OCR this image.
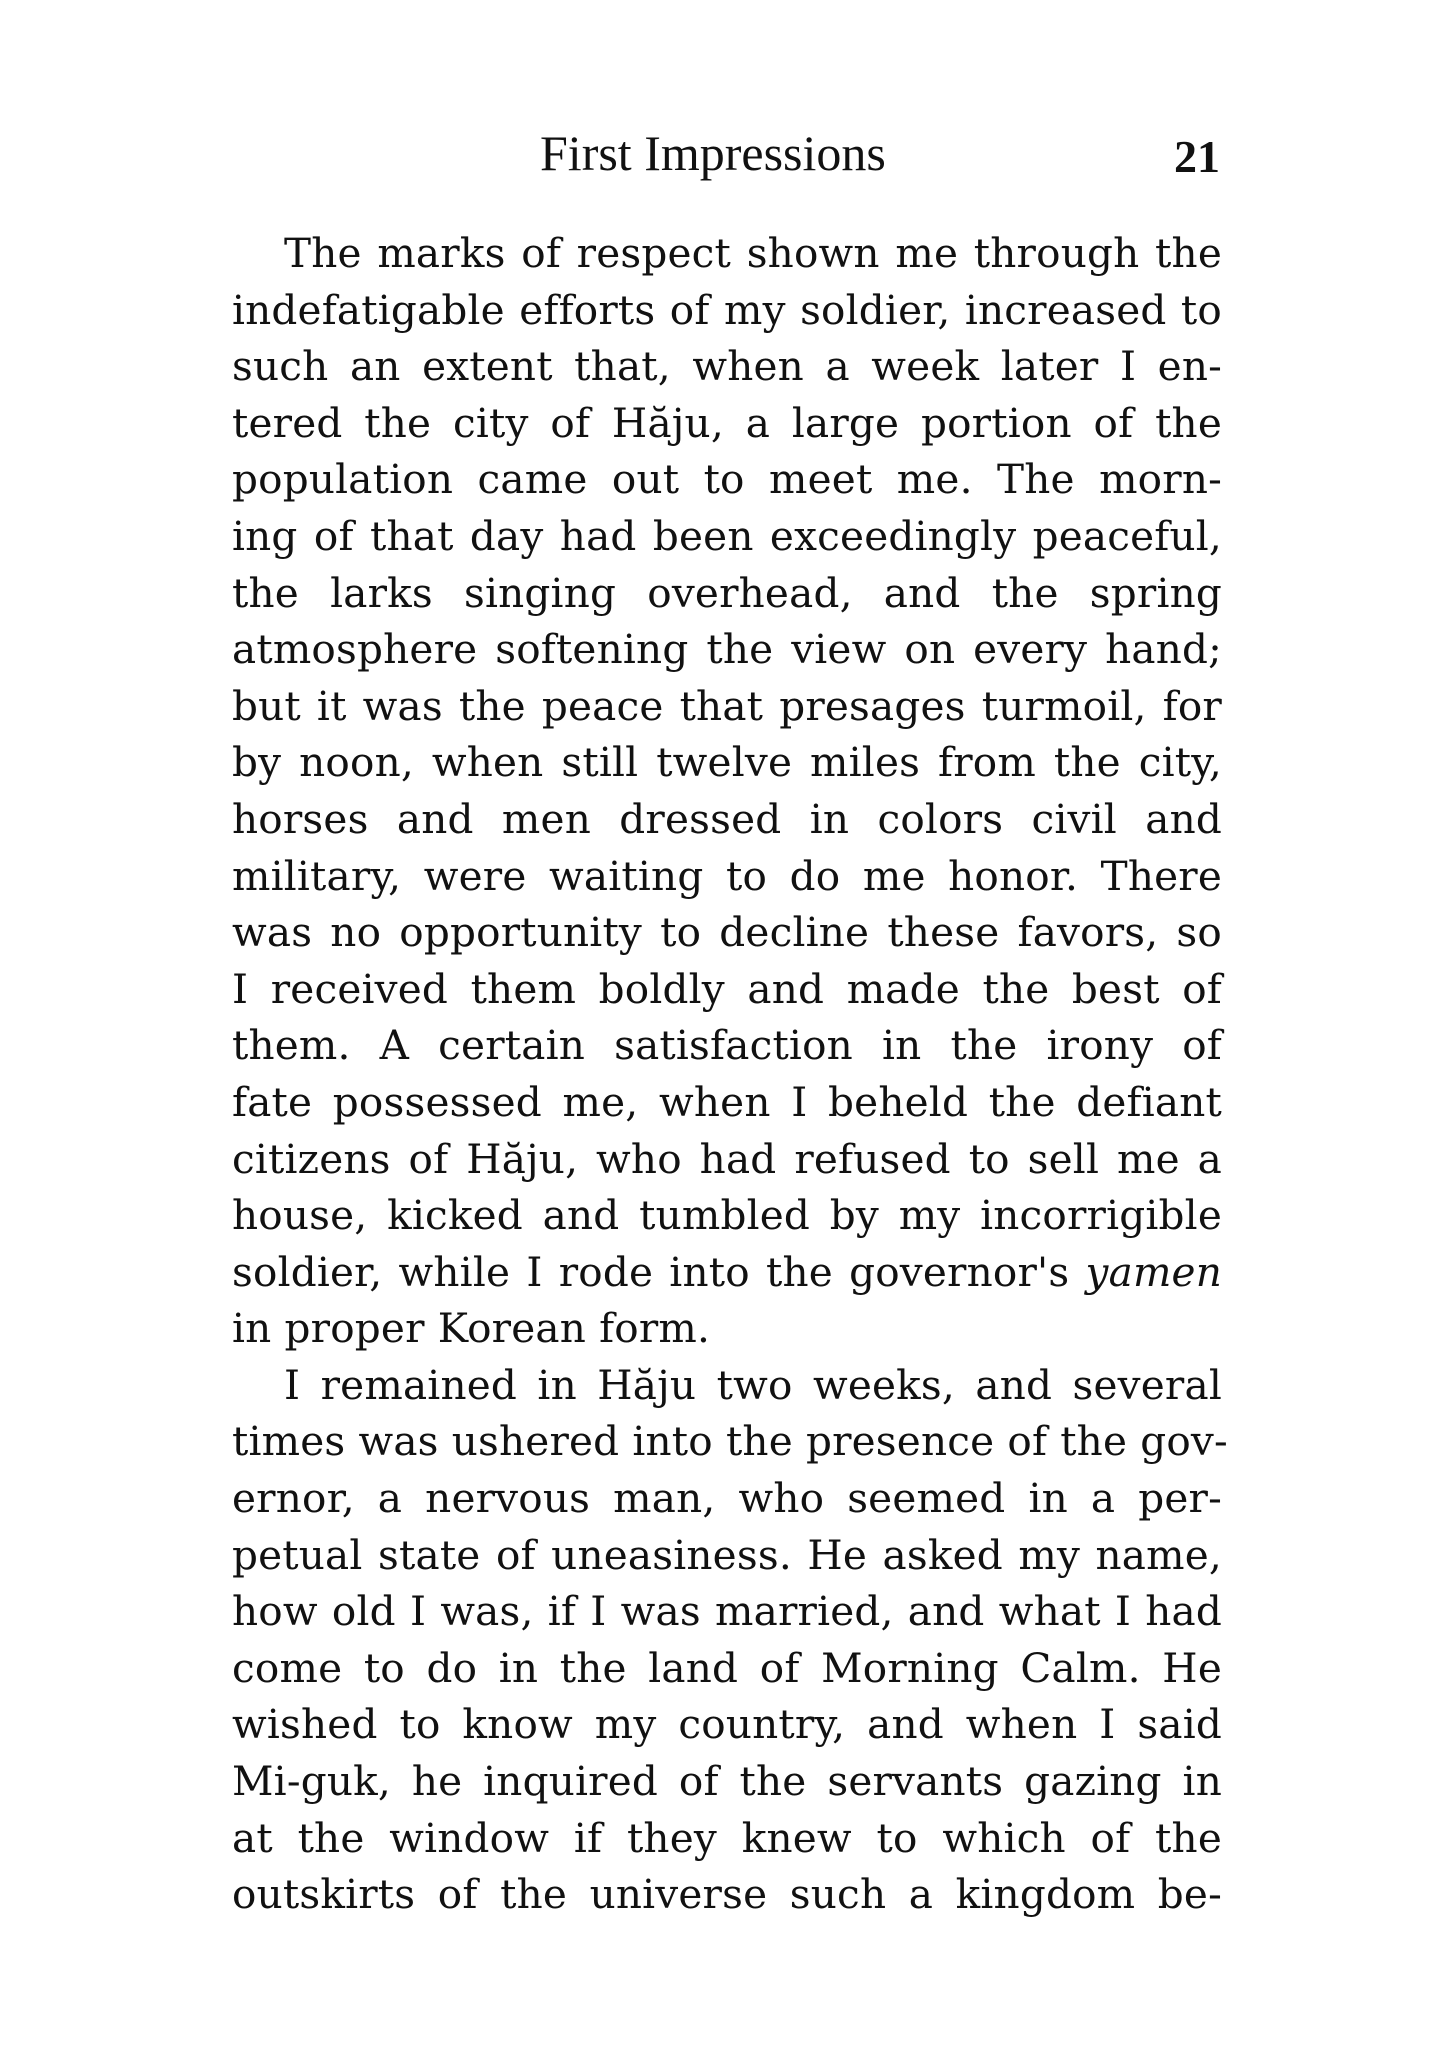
First Impressions	21
The marks of respect shown me through the
indefatigable efforts of my soldier, increased to
such an extent that, when a week later I en-
tered the city of Hăju, a large portion of the
population came out to meet me. The morn-
ing of that day had been exceedingly peaceful,
the larks singing overhead, and the spring
atmosphere softening the view on every hand;
but it was the peace that presages turmoil, for
by noon, when still twelve miles from the city,
horses and men dressed in colors civil and
military, were waiting to do me honor. There
was no opportunity to decline these favors, so
I received them boldly and made the best of
them. A certain satisfaction in the irony of
fate possessed me, when I beheld the defiant
citizens of Hăju, who had refused to sell me a
house, kicked and tumbled by my incorrigible
soldier, while I rode into the governor's yamen
in proper Korean form.
I remained in Hăju two weeks, and several
times was ushered into the presence of the gov-
ernor, a nervous man, who seemed in a per-
petual state of uneasiness. He asked my name,
how old I was, if I was married, and what I had
come to do in the land of Morning Calm. He
wished to know my country, and when I said
Mi-guk, he inquired of the servants gazing in
at the window if they knew to which of the
outskirts of the universe such a kingdom be-
